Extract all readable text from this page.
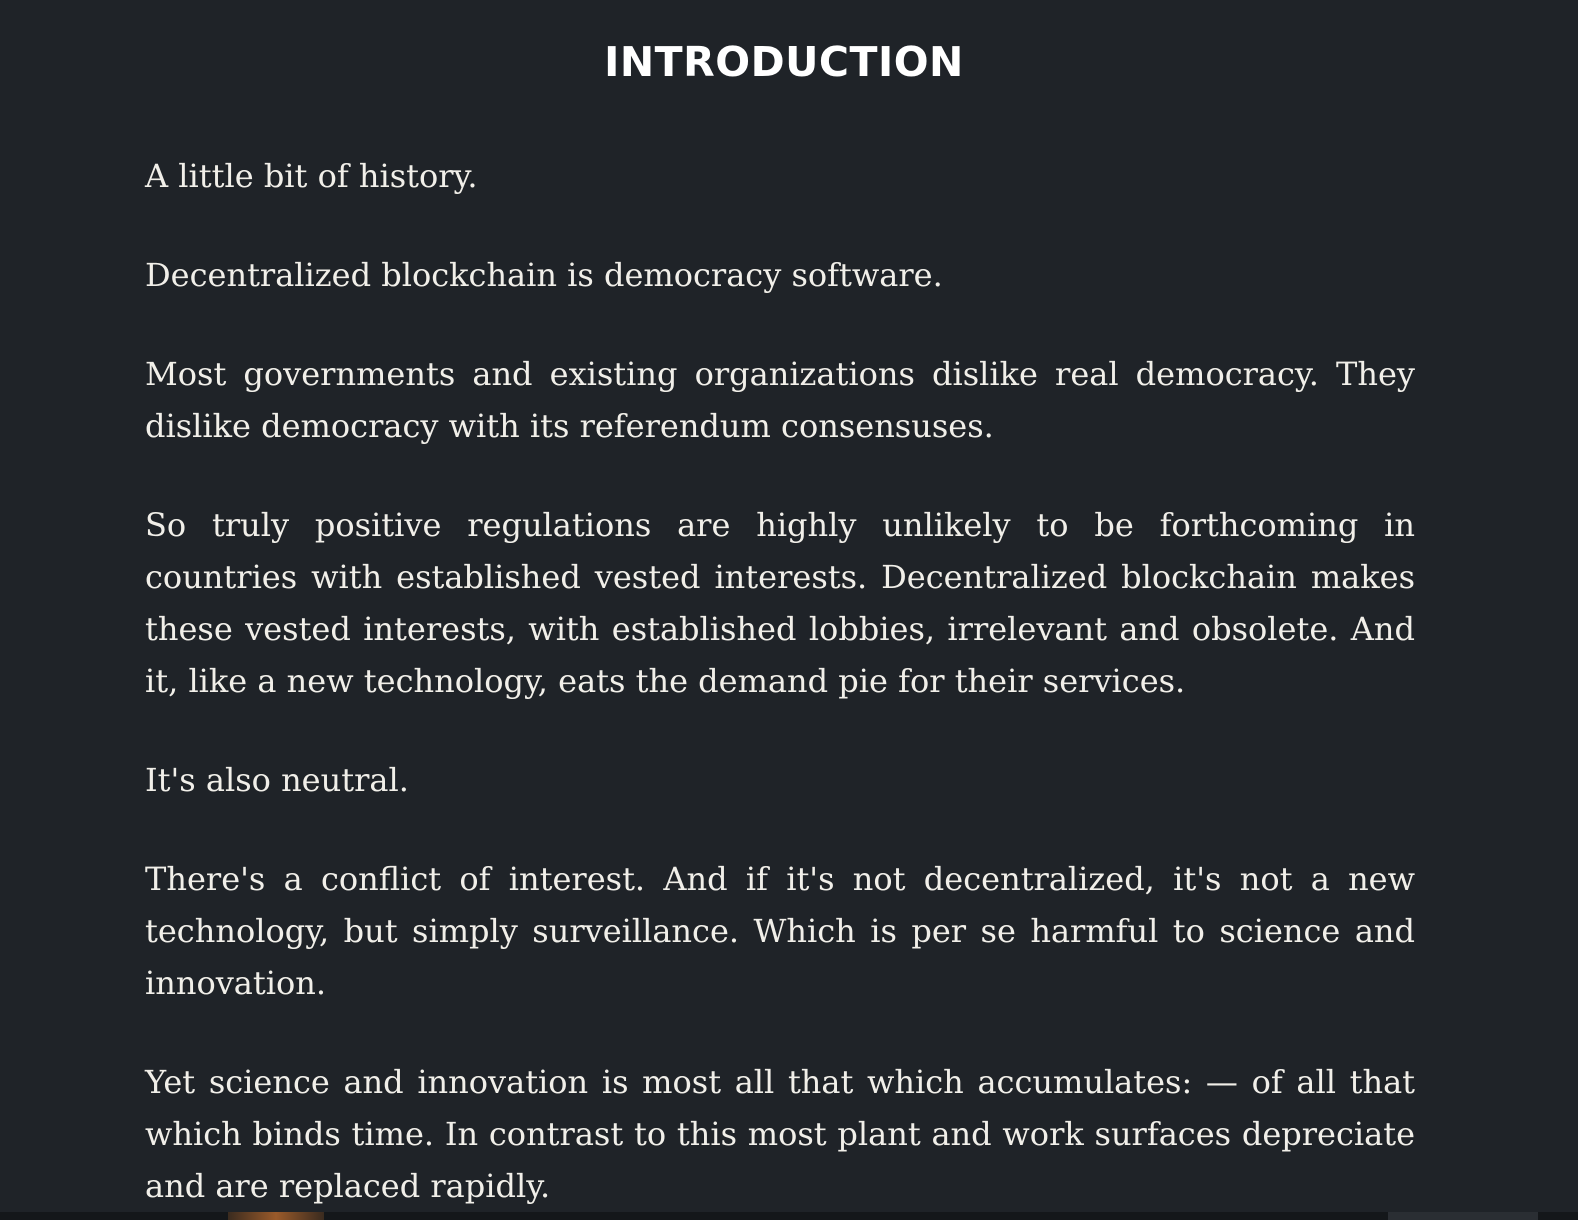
INTRODUCTION

A little bit of history.

Decentralized blockchain is democracy software.

Most governments and existing organizations dislike real democracy. They dislike democracy with its referendum consensuses.

So truly positive regulations are highly unlikely to be forthcoming in countries with established vested interests. Decentralized blockchain makes these vested interests, with established lobbies, irrelevant and obsolete. And it, like a new technology, eats the demand pie for their services.

It's also neutral.

There's a conflict of interest. And if it's not decentralized, it's not a new technology, but simply surveillance. Which is per se harmful to science and innovation.

Yet science and innovation is most all that which accumulates: — of all that which binds time. In contrast to this most plant and work surfaces depreciate and are replaced rapidly.
